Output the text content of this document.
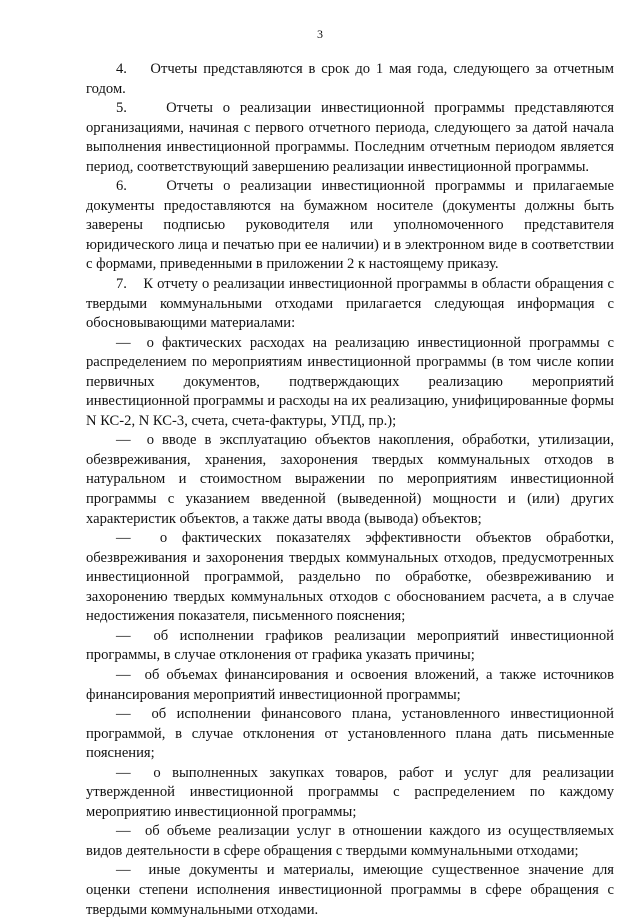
3

4.    Отчеты представляются в срок до 1 мая года, следующего за отчетным годом.

5.    Отчеты о реализации инвестиционной программы представляются организациями, начиная с первого отчетного периода, следующего за датой начала выполнения инвестиционной программы. Последним отчетным периодом является период, соответствующий завершению реализации инвестиционной программы.

6.    Отчеты о реализации инвестиционной программы и прилагаемые документы предоставляются на бумажном носителе (документы должны быть заверены подписью руководителя или уполномоченного представителя юридического лица и печатью при ее наличии) и в электронном виде в соответствии с формами, приведенными в приложении 2 к настоящему приказу.

7.    К отчету о реализации инвестиционной программы в области обращения с твердыми коммунальными отходами прилагается следующая информация с обосновывающими материалами:

—  о фактических расходах на реализацию инвестиционной программы с распределением по мероприятиям инвестиционной программы (в том числе копии первичных документов, подтверждающих реализацию мероприятий инвестиционной программы и расходы на их реализацию, унифицированные формы N КС-2, N КС-3, счета, счета-фактуры, УПД, пр.);

—  о вводе в эксплуатацию объектов накопления, обработки, утилизации, обезвреживания, хранения, захоронения твердых коммунальных отходов в натуральном и стоимостном выражении по мероприятиям инвестиционной программы с указанием введенной (выведенной) мощности и (или) других характеристик объектов, а также даты ввода (вывода) объектов;

—  о фактических показателях эффективности объектов обработки, обезвреживания и захоронения твердых коммунальных отходов, предусмотренных инвестиционной программой, раздельно по обработке, обезвреживанию и захоронению твердых коммунальных отходов с обоснованием расчета, а в случае недостижения показателя, письменного пояснения;

—  об исполнении графиков реализации мероприятий инвестиционной программы, в случае отклонения от графика указать причины;

—  об объемах финансирования и освоения вложений, а также источников финансирования мероприятий инвестиционной программы;

—  об исполнении финансового плана, установленного инвестиционной программой, в случае отклонения от установленного плана дать письменные пояснения;

—  о выполненных закупках товаров, работ и услуг для реализации утвержденной инвестиционной программы с распределением по каждому мероприятию инвестиционной программы;

—  об объеме реализации услуг в отношении каждого из осуществляемых видов деятельности в сфере обращения с твердыми коммунальными отходами;

—  иные документы и материалы, имеющие существенное значение для оценки степени исполнения инвестиционной программы в сфере обращения с твердыми коммунальными отходами.
